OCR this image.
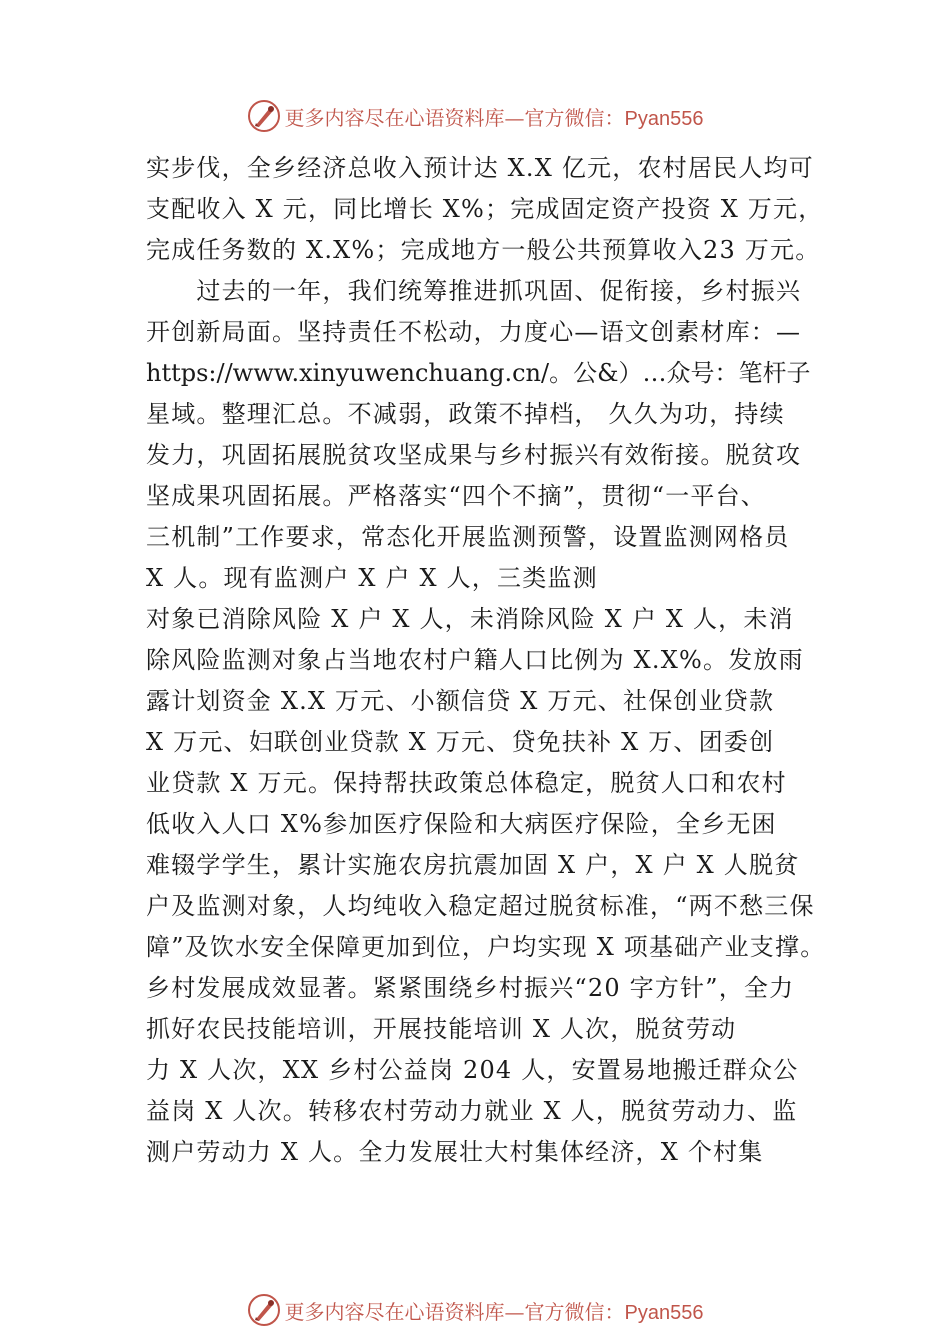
更多内容尽在心语资料库—官方微信：Pyan556
实步伐，全乡经济总收入预计达 X.X 亿元，农村居民人均可
支配收入 X 元，同比增长 X%；完成固定资产投资 X 万元，
完成任务数的 X.X%；完成地方一般公共预算收入23 万元。
　　过去的一年，我们统筹推进抓巩固、促衔接，乡村振兴
开创新局面。坚持责任不松动，力度心—语文创素材库：—
https://www.xinyuwenchuang.cn/。公&）…众号：笔杆子
星域。整理汇总。不减弱，政策不掉档， 久久为功，持续
发力，巩固拓展脱贫攻坚成果与乡村振兴有效衔接。脱贫攻
坚成果巩固拓展。严格落实“四个不摘”，贯彻“一平台、
三机制”工作要求，常态化开展监测预警，设置监测网格员
X 人。现有监测户 X 户 X 人，三类监测
对象已消除风险 X 户 X 人，未消除风险 X 户 X 人，未消
除风险监测对象占当地农村户籍人口比例为 X.X%。发放雨
露计划资金 X.X 万元、小额信贷 X 万元、社保创业贷款
X 万元、妇联创业贷款 X 万元、贷免扶补 X 万、团委创
业贷款 X 万元。保持帮扶政策总体稳定，脱贫人口和农村
低收入人口 X%参加医疗保险和大病医疗保险，全乡无困
难辍学学生，累计实施农房抗震加固 X 户，X 户 X 人脱贫
户及监测对象，人均纯收入稳定超过脱贫标准，“两不愁三保
障”及饮水安全保障更加到位，户均实现 X 项基础产业支撑。
乡村发展成效显著。紧紧围绕乡村振兴“20 字方针”，全力
抓好农民技能培训，开展技能培训 X 人次，脱贫劳动
力 X 人次，XX 乡村公益岗 204 人，安置易地搬迁群众公
益岗 X 人次。转移农村劳动力就业 X 人，脱贫劳动力、监
测户劳动力 X 人。全力发展壮大村集体经济，X 个村集
更多内容尽在心语资料库—官方微信：Pyan556
